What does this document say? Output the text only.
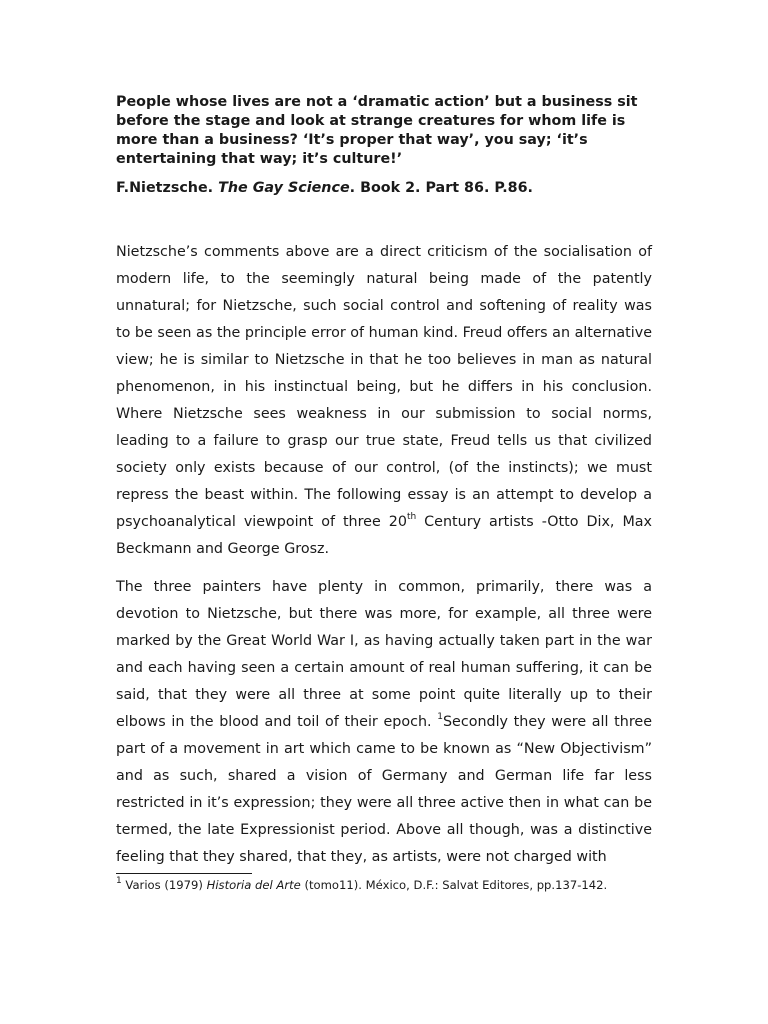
People whose lives are not a ‘dramatic action’ but a business sit before the stage and look at strange creatures for whom life is more than a business? ‘It’s proper that way’, you say; ‘it’s entertaining that way; it’s culture!’

F.Nietzsche. The Gay Science. Book 2. Part 86. P.86.

Nietzsche’s comments above are a direct criticism of the socialisation of modern life, to the seemingly natural being made of the patently unnatural; for Nietzsche, such social control and softening of reality was to be seen as the principle error of human kind. Freud offers an alternative view; he is similar to Nietzsche in that he too believes in man as natural phenomenon, in his instinctual being, but he differs in his conclusion. Where Nietzsche sees weakness in our submission to social norms, leading to a failure to grasp our true state, Freud tells us that civilized society only exists because of our control, (of the instincts); we must repress the beast within. The following essay is an attempt to develop a psychoanalytical viewpoint of three 20th Century artists -Otto Dix, Max Beckmann and George Grosz.

The three painters have plenty in common, primarily, there was a devotion to Nietzsche, but there was more, for example, all three were marked by the Great World War I, as having actually taken part in the war and each having seen a certain amount of real human suffering, it can be said, that they were all three at some point quite literally up to their elbows in the blood and toil of their epoch. $^1$Secondly they were all three part of a movement in art which came to be known as “New Objectivism” and as such, shared a vision of Germany and German life far less restricted in it’s expression; they were all three active then in what can be termed, the late Expressionist period. Above all though, was a distinctive feeling that they shared, that they, as artists, were not charged with

$^1$ Varios (1979) Historia del Arte (tomo11). México, D.F.: Salvat Editores, pp.137-142.
